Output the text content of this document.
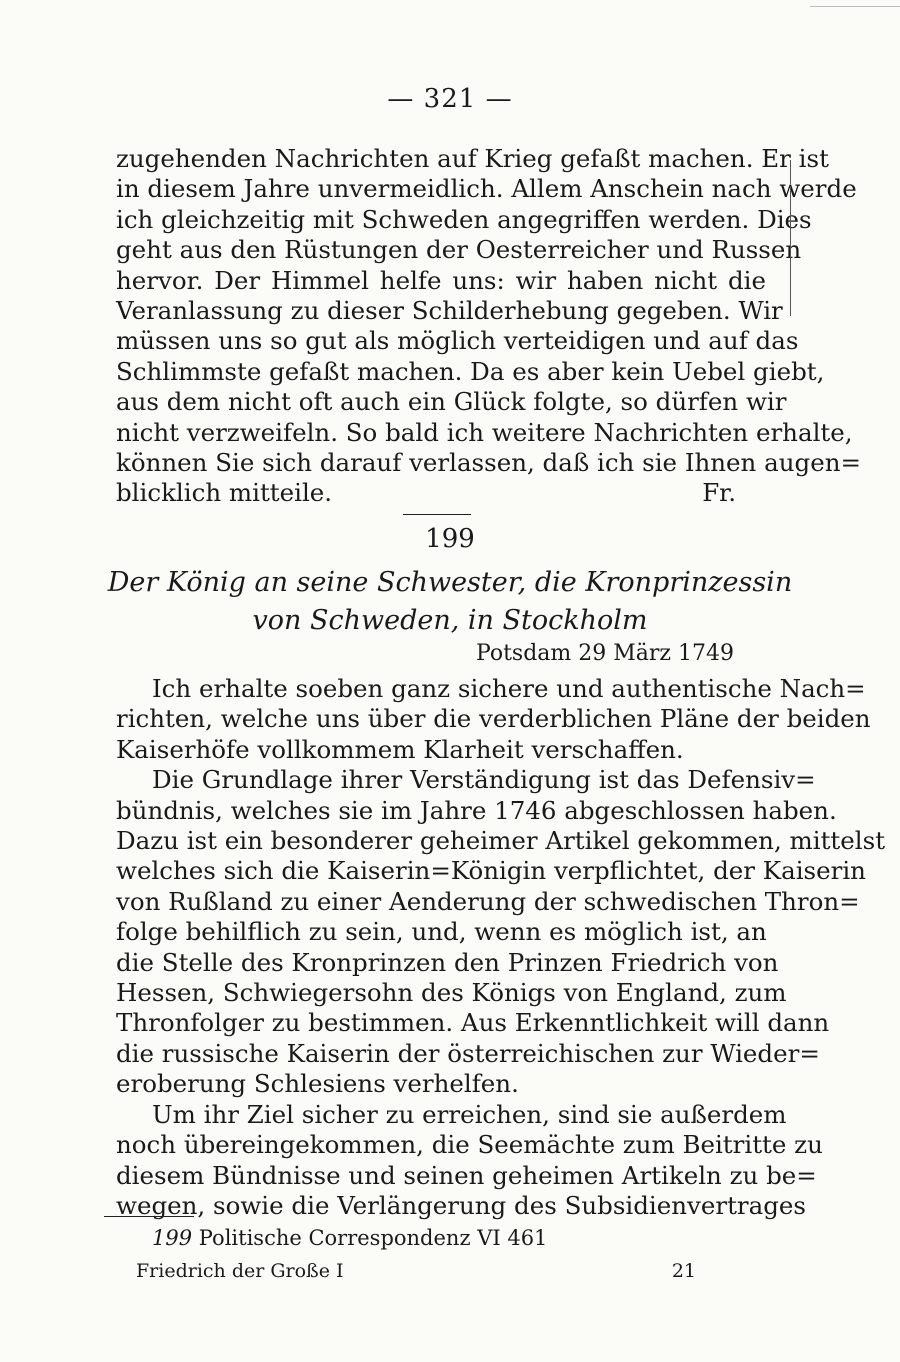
— 321 —
zugehenden Nachrichten auf Krieg gefaßt machen. Er ist
in diesem Jahre unvermeidlich. Allem Anschein nach werde
ich gleichzeitig mit Schweden angegriffen werden. Dies
geht aus den Rüstungen der Oesterreicher und Russen
hervor. Der Himmel helfe uns: wir haben nicht die
Veranlassung zu dieser Schilderhebung gegeben. Wir
müssen uns so gut als möglich verteidigen und auf das
Schlimmste gefaßt machen. Da es aber kein Uebel giebt,
aus dem nicht oft auch ein Glück folgte, so dürfen wir
nicht verzweifeln. So bald ich weitere Nachrichten erhalte,
können Sie sich darauf verlassen, daß ich sie Ihnen augen=
blicklich mitteile.	Fr.
199
Der König an seine Schwester, die Kronprinzessin
von Schweden, in Stockholm
Potsdam 29 März 1749
Ich erhalte soeben ganz sichere und authentische Nach=
richten, welche uns über die verderblichen Pläne der beiden
Kaiserhöfe vollkommem Klarheit verschaffen.
Die Grundlage ihrer Verständigung ist das Defensiv=
bündnis, welches sie im Jahre 1746 abgeschlossen haben.
Dazu ist ein besonderer geheimer Artikel gekommen, mittelst
welches sich die Kaiserin=Königin verpflichtet, der Kaiserin
von Rußland zu einer Aenderung der schwedischen Thron=
folge behilflich zu sein, und, wenn es möglich ist, an
die Stelle des Kronprinzen den Prinzen Friedrich von
Hessen, Schwiegersohn des Königs von England, zum
Thronfolger zu bestimmen. Aus Erkenntlichkeit will dann
die russische Kaiserin der österreichischen zur Wieder=
eroberung Schlesiens verhelfen.
Um ihr Ziel sicher zu erreichen, sind sie außerdem
noch übereingekommen, die Seemächte zum Beitritte zu
diesem Bündnisse und seinen geheimen Artikeln zu be=
wegen, sowie die Verlängerung des Subsidienvertrages
199 Politische Correspondenz VI 461
Friedrich der Große I	21
